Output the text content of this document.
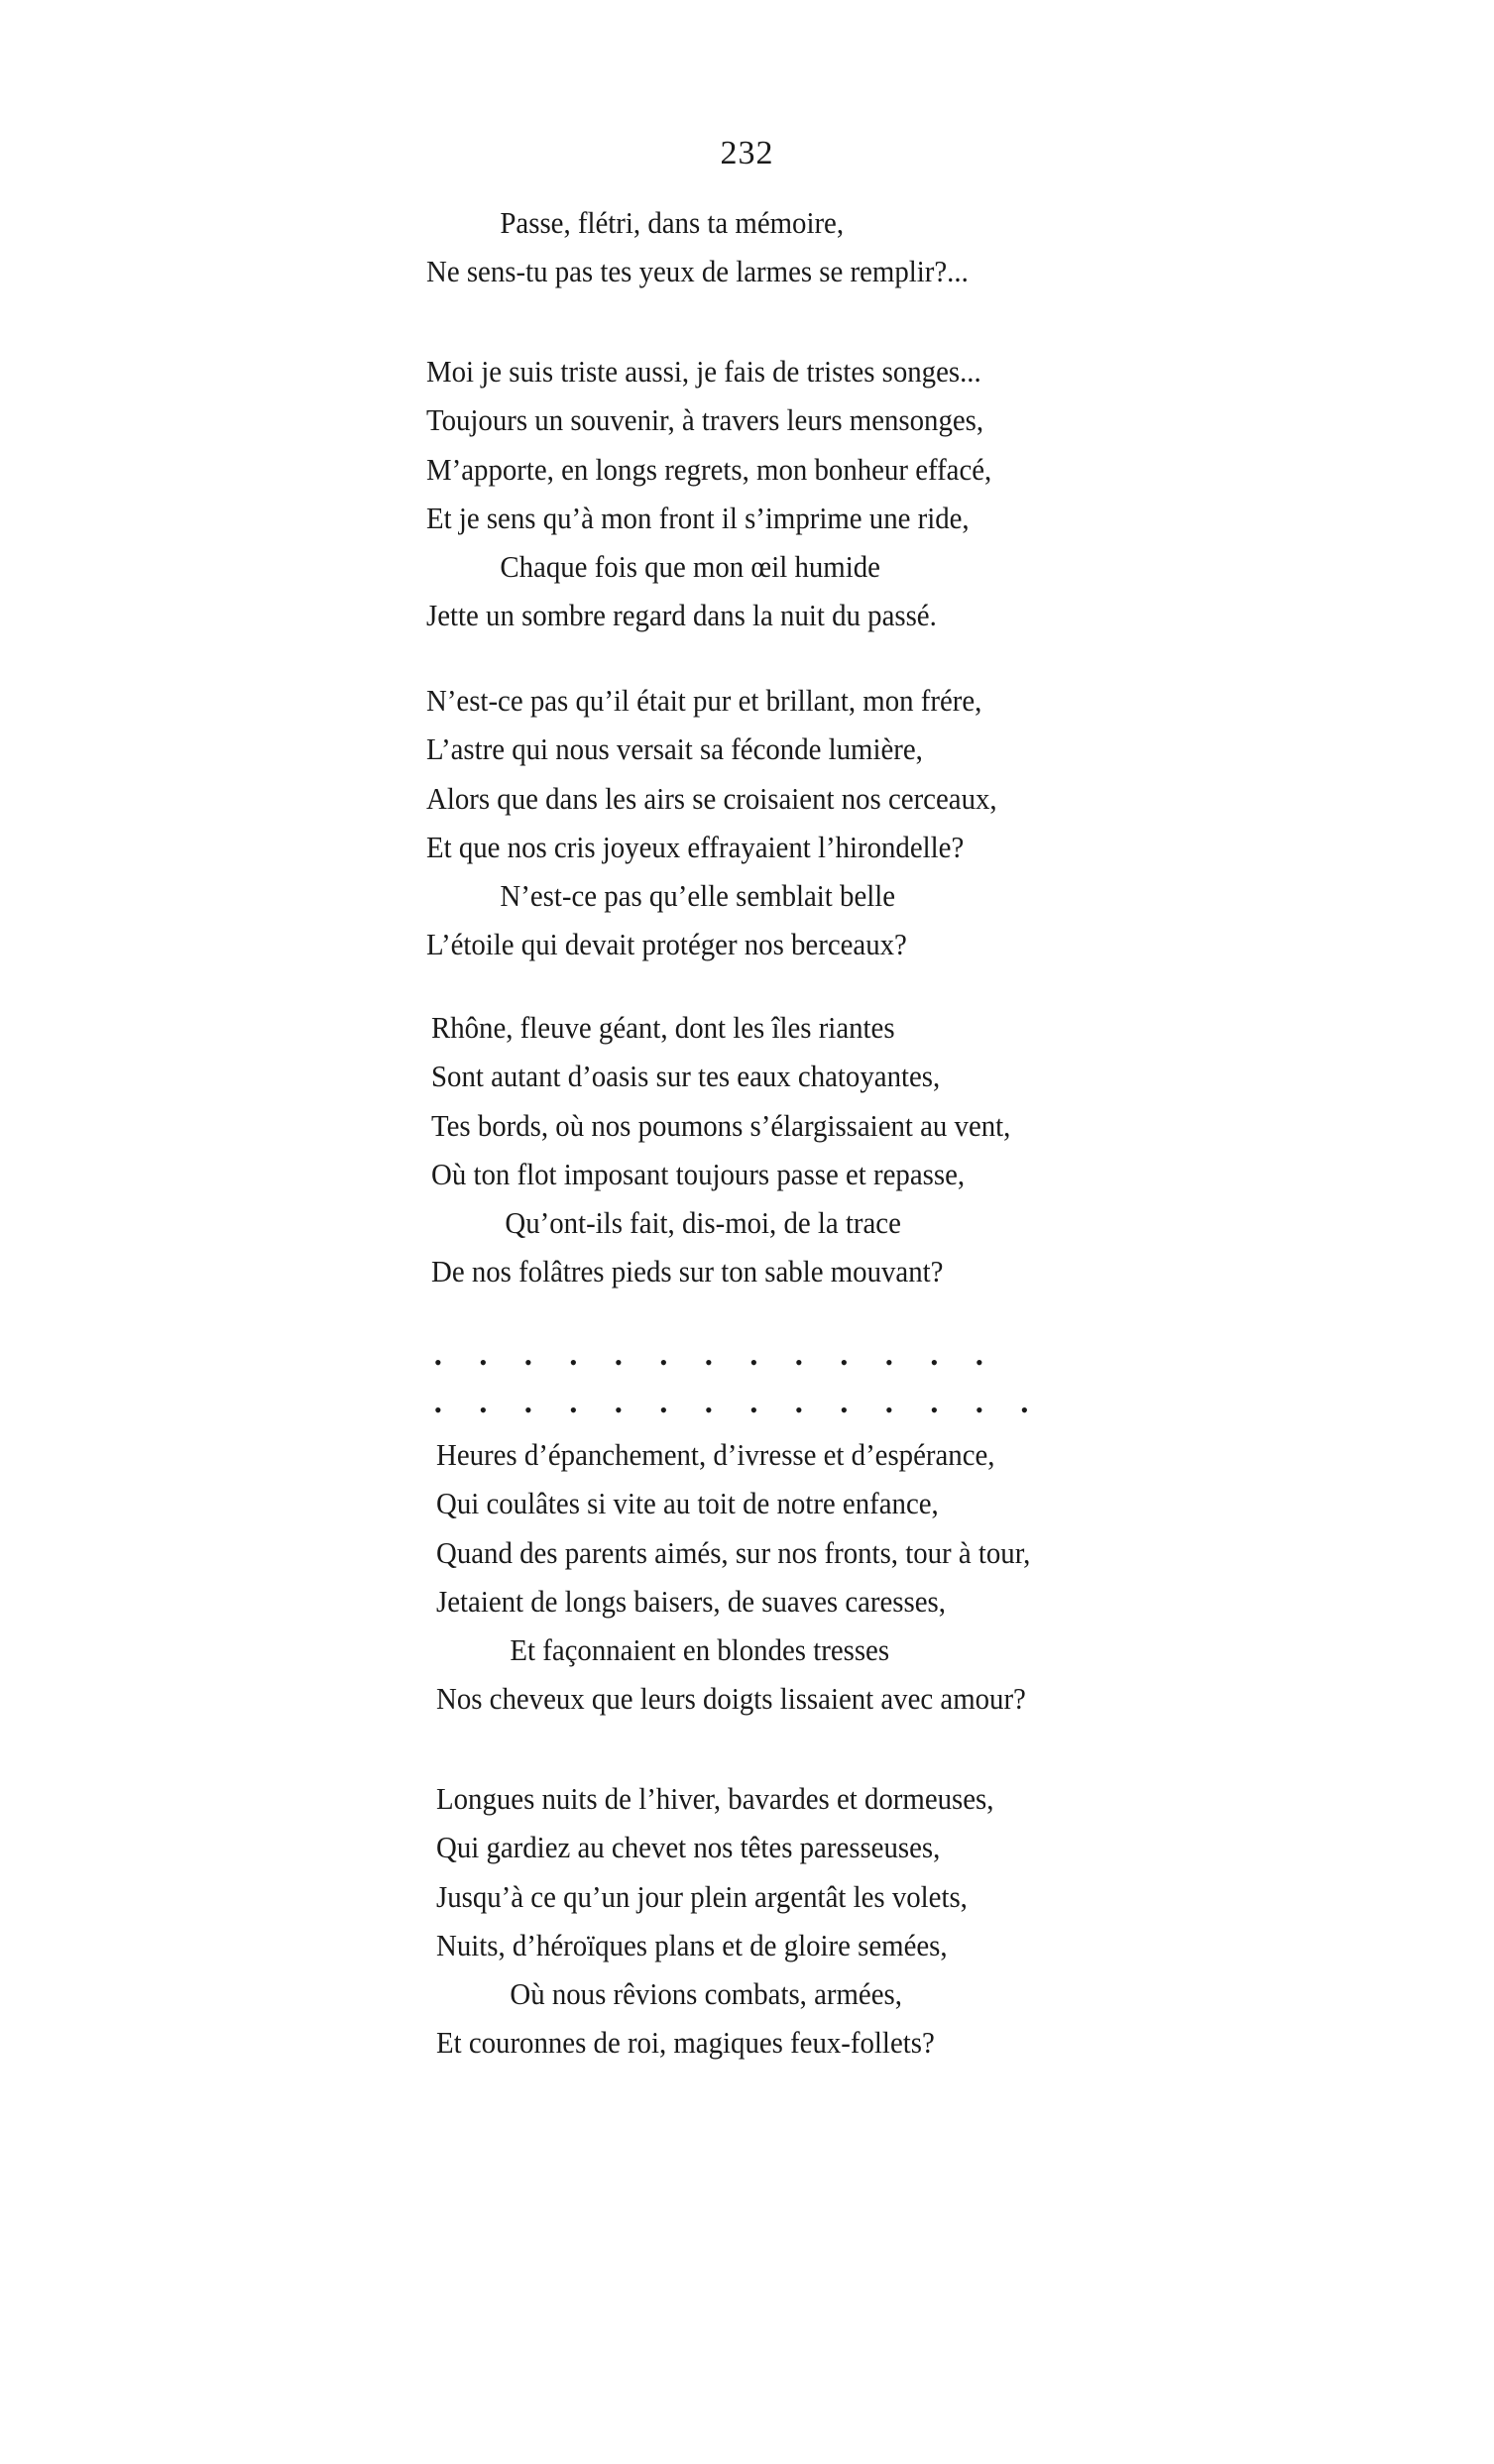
232
Passe, flétri, dans ta mémoire,
Ne sens-tu pas tes yeux de larmes se remplir?...
Moi je suis triste aussi, je fais de tristes songes...
Toujours un souvenir, à travers leurs mensonges,
M’apporte, en longs regrets, mon bonheur effacé,
Et je sens qu’à mon front il s’imprime une ride,
Chaque fois que mon œil humide
Jette un sombre regard dans la nuit du passé.
N’est-ce pas qu’il était pur et brillant, mon frére,
L’astre qui nous versait sa féconde lumière,
Alors que dans les airs se croisaient nos cerceaux,
Et que nos cris joyeux effrayaient l’hirondelle?
N’est-ce pas qu’elle semblait belle
L’étoile qui devait protéger nos berceaux?
Rhône, fleuve géant, dont les îles riantes
Sont autant d’oasis sur tes eaux chatoyantes,
Tes bords, où nos poumons s’élargissaient au vent,
Où ton flot imposant toujours passe et repasse,
Qu’ont-ils fait, dis-moi, de la trace
De nos folâtres pieds sur ton sable mouvant?
• • • • • • • • • • • • •
• • • • • • • • • • • • • •
Heures d’épanchement, d’ivresse et d’espérance,
Qui coulâtes si vite au toit de notre enfance,
Quand des parents aimés, sur nos fronts, tour à tour,
Jetaient de longs baisers, de suaves caresses,
Et façonnaient en blondes tresses
Nos cheveux que leurs doigts lissaient avec amour?
Longues nuits de l’hiver, bavardes et dormeuses,
Qui gardiez au chevet nos têtes paresseuses,
Jusqu’à ce qu’un jour plein argentât les volets,
Nuits, d’héroïques plans et de gloire semées,
Où nous rêvions combats, armées,
Et couronnes de roi, magiques feux-follets?
